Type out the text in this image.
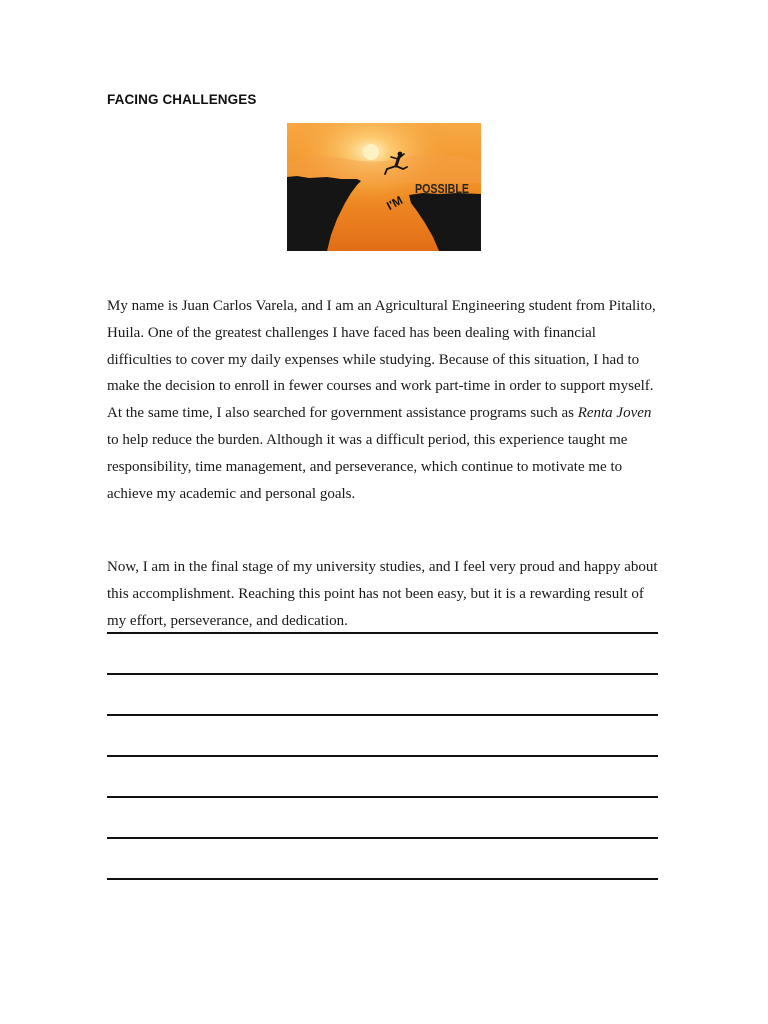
FACING CHALLENGES
I'M
POSSIBLE

My name is Juan Carlos Varela, and I am an Agricultural Engineering student from Pitalito,
Huila. One of the greatest challenges I have faced has been dealing with financial
difficulties to cover my daily expenses while studying. Because of this situation, I had to
make the decision to enroll in fewer courses and work part-time in order to support myself.
At the same time, I also searched for government assistance programs such as Renta Joven
to help reduce the burden. Although it was a difficult period, this experience taught me
responsibility, time management, and perseverance, which continue to motivate me to
achieve my academic and personal goals.

Now, I am in the final stage of my university studies, and I feel very proud and happy about
this accomplishment. Reaching this point has not been easy, but it is a rewarding result of
my effort, perseverance, and dedication.
